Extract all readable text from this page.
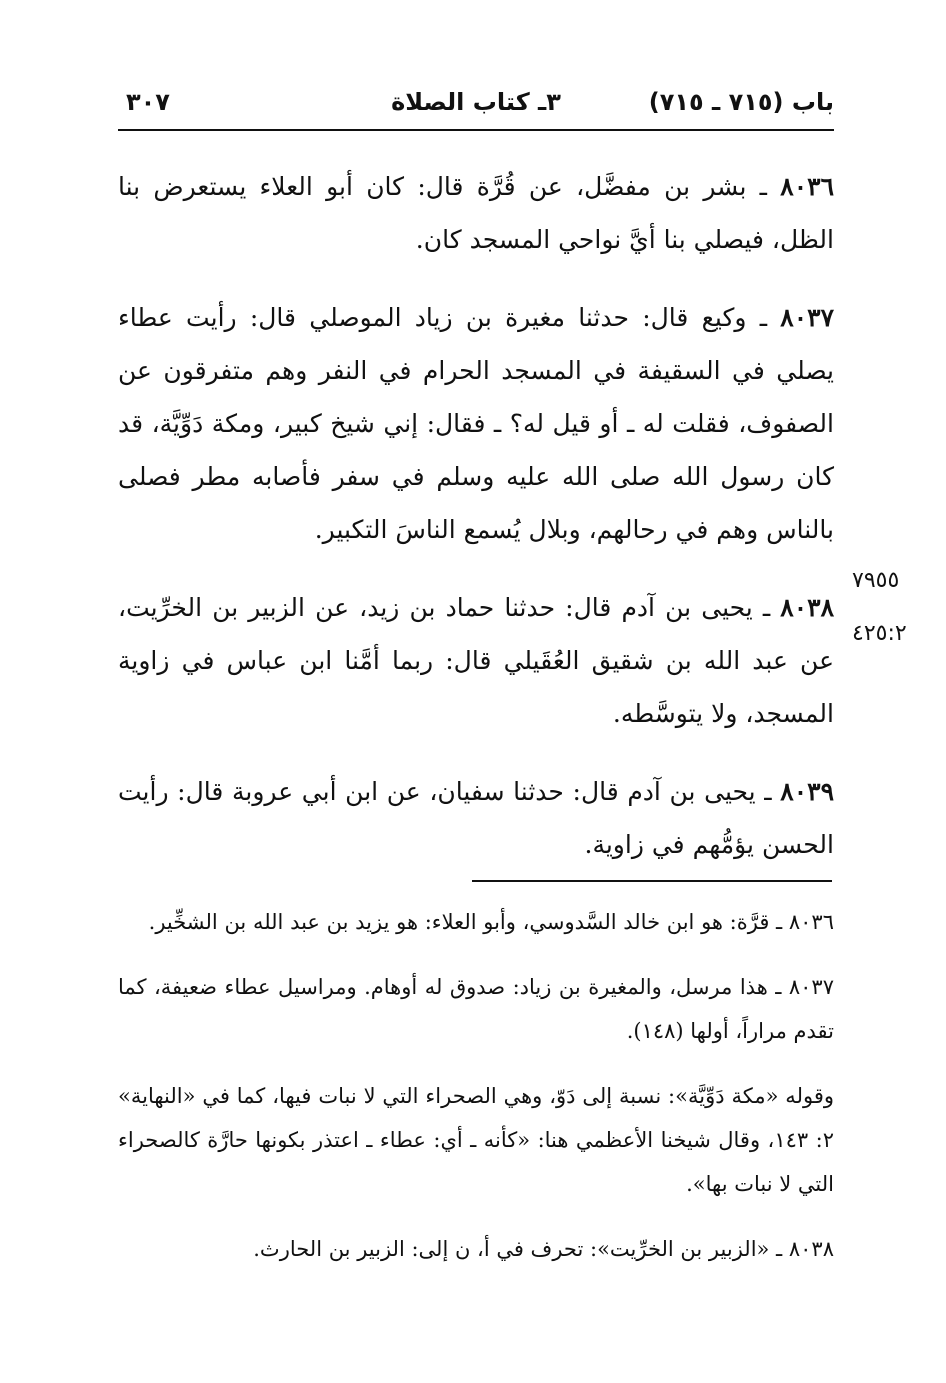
باب (٧١٥ ـ ٧١٥)
٣ـ كتاب الصلاة
٣٠٧

٨٠٣٦ ـ بشر بن مفضَّل، عن قُرَّة قال: كان أبو العلاء يستعرض بنا الظل، فيصلي بنا أيَّ نواحي المسجد كان.

٨٠٣٧ ـ وكيع قال: حدثنا مغيرة بن زياد الموصلي قال: رأيت عطاء يصلي في السقيفة في المسجد الحرام في النفر وهم متفرقون عن الصفوف، فقلت له ـ أو قيل له؟ ـ فقال: إني شيخ كبير، ومكة دَوِّيَّة، قد كان رسول الله صلى الله عليه وسلم في سفر فأصابه مطر فصلى بالناس وهم في رحالهم، وبلال يُسمع الناسَ التكبير.

٨٠٣٨ ـ يحيى بن آدم قال: حدثنا حماد بن زيد، عن الزبير بن الخرِّيت، عن عبد الله بن شقيق العُقَيلي قال: ربما أمَّنا ابن عباس في زاوية المسجد، ولا يتوسَّطه.

٨٠٣٩ ـ يحيى بن آدم قال: حدثنا سفيان، عن ابن أبي عروبة قال: رأيت الحسن يؤمُّهم في زاوية.

٧٩٥٥
٤٢٥:٢

٨٠٣٦ ـ قرَّة: هو ابن خالد السَّدوسي، وأبو العلاء: هو يزيد بن عبد الله بن الشخِّير.

٨٠٣٧ ـ هذا مرسل، والمغيرة بن زياد: صدوق له أوهام. ومراسيل عطاء ضعيفة، كما تقدم مراراً، أولها (١٤٨).

وقوله «مكة دَوِّيَّة»: نسبة إلى دَوّ، وهي الصحراء التي لا نبات فيها، كما في «النهاية» ٢: ١٤٣، وقال شيخنا الأعظمي هنا: «كأنه ـ أي: عطاء ـ اعتذر بكونها حارَّة كالصحراء التي لا نبات بها».

٨٠٣٨ ـ «الزبير بن الخرِّيت»: تحرف في أ، ن إلى: الزبير بن الحارث.
